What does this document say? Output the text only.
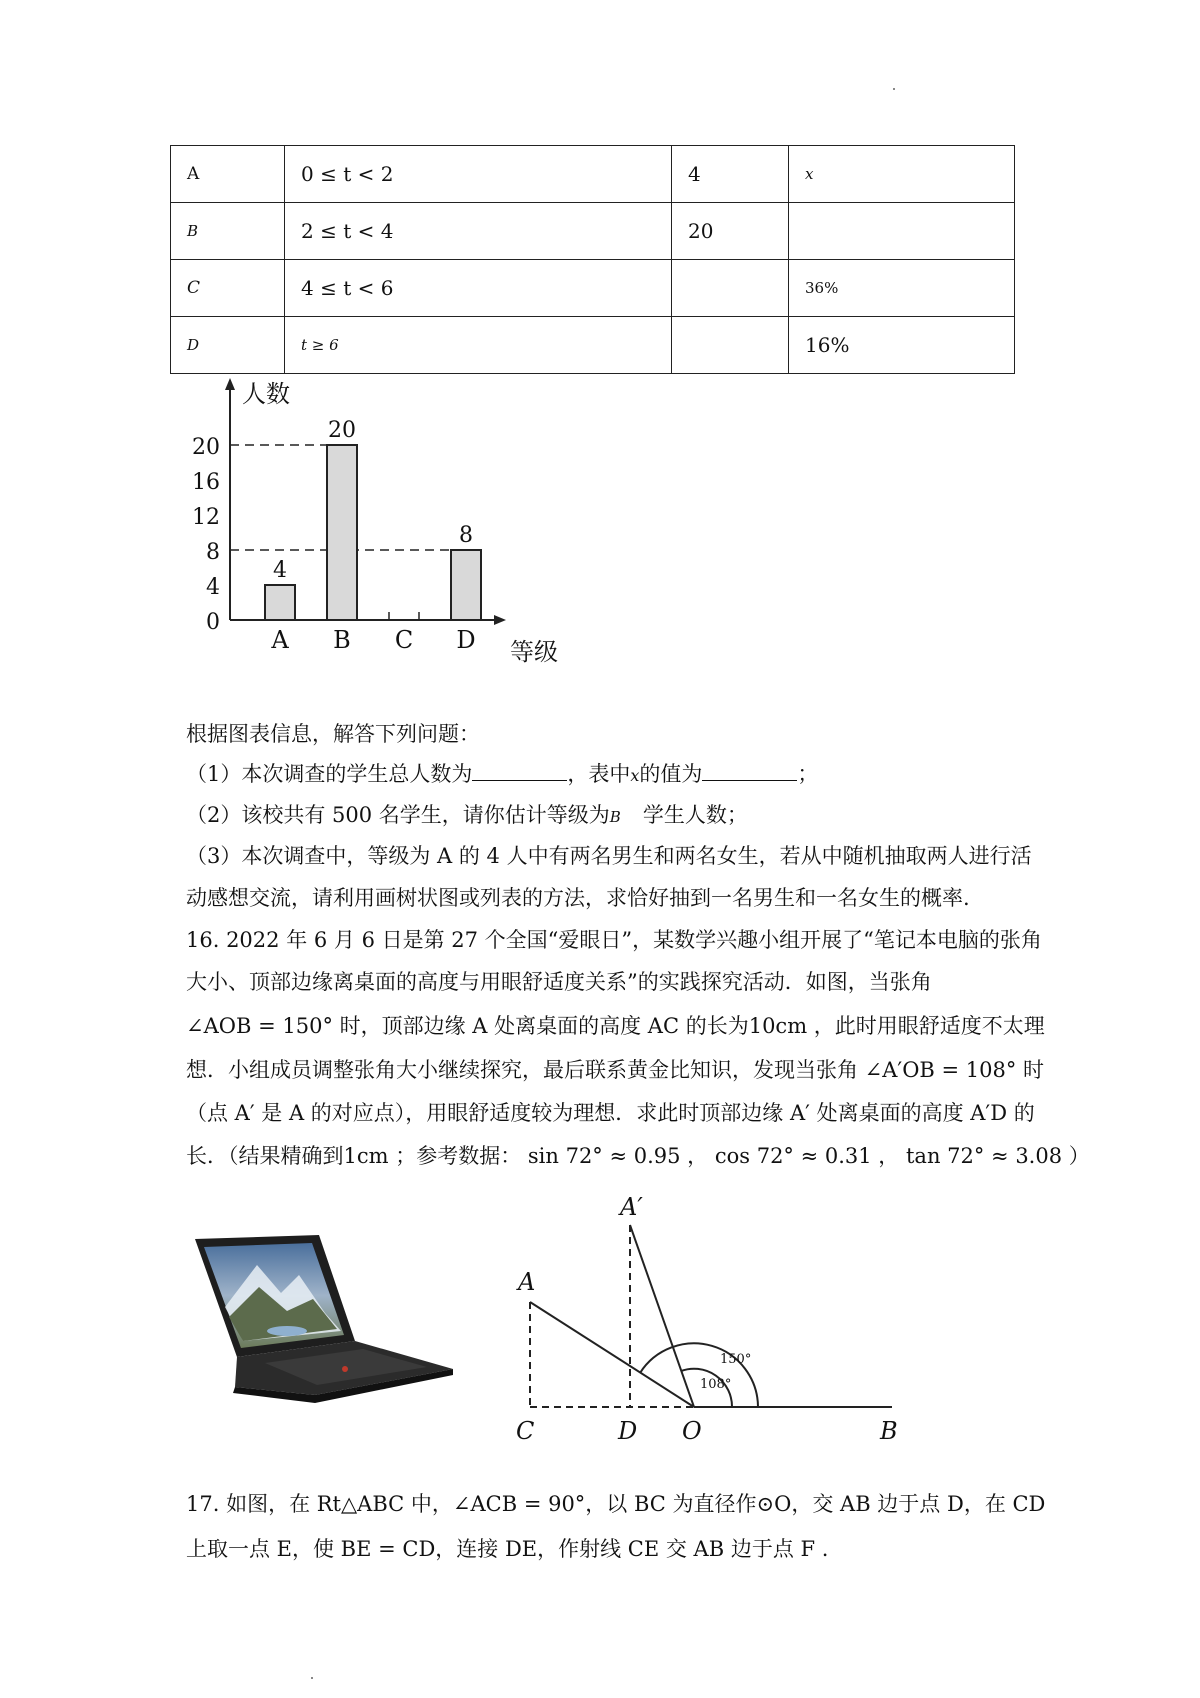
A	0 ≤ t < 2	4	x
B	2 ≤ t < 4	20	
C	4 ≤ t < 6		36%
D	t ≥ 6		16%
人数
等级
0
4
8
12
16
20
4
A
20
B C
8
D
根据图表信息，解答下列问题：
（1）本次调查的学生总人数为	，表中x的值为	；
（2）该校共有 500 名学生，请你估计等级为B 学生人数；
（3）本次调查中，等级为 A 的 4 人中有两名男生和两名女生，若从中随机抽取两人进行活
动感想交流，请利用画树状图或列表的方法，求恰好抽到一名男生和一名女生的概率.
16. 2022 年 6 月 6 日是第 27 个全国“爱眼日”，某数学兴趣小组开展了“笔记本电脑的张角
大小、顶部边缘离桌面的高度与用眼舒适度关系”的实践探究活动．如图，当张角
∠AOB = 150° 时，顶部边缘 A 处离桌面的高度 AC 的长为10cm ，此时用眼舒适度不太理
想．小组成员调整张角大小继续探究，最后联系黄金比知识，发现当张角 ∠A′OB = 108° 时
（点 A′ 是 A 的对应点），用眼舒适度较为理想．求此时顶部边缘 A′ 处离桌面的高度 A′D 的
长．（结果精确到1cm ；参考数据： sin 72° ≈ 0.95 ， cos 72° ≈ 0.31 ， tan 72° ≈ 3.08 ）
A
A′
C	D O	B
150°
108°
17. 如图，在 Rt△ABC 中，∠ACB = 90°，以 BC 为直径作⊙O，交 AB 边于点 D，在 CD
上取一点 E，使 BE = CD，连接 DE，作射线 CE 交 AB 边于点 F .
